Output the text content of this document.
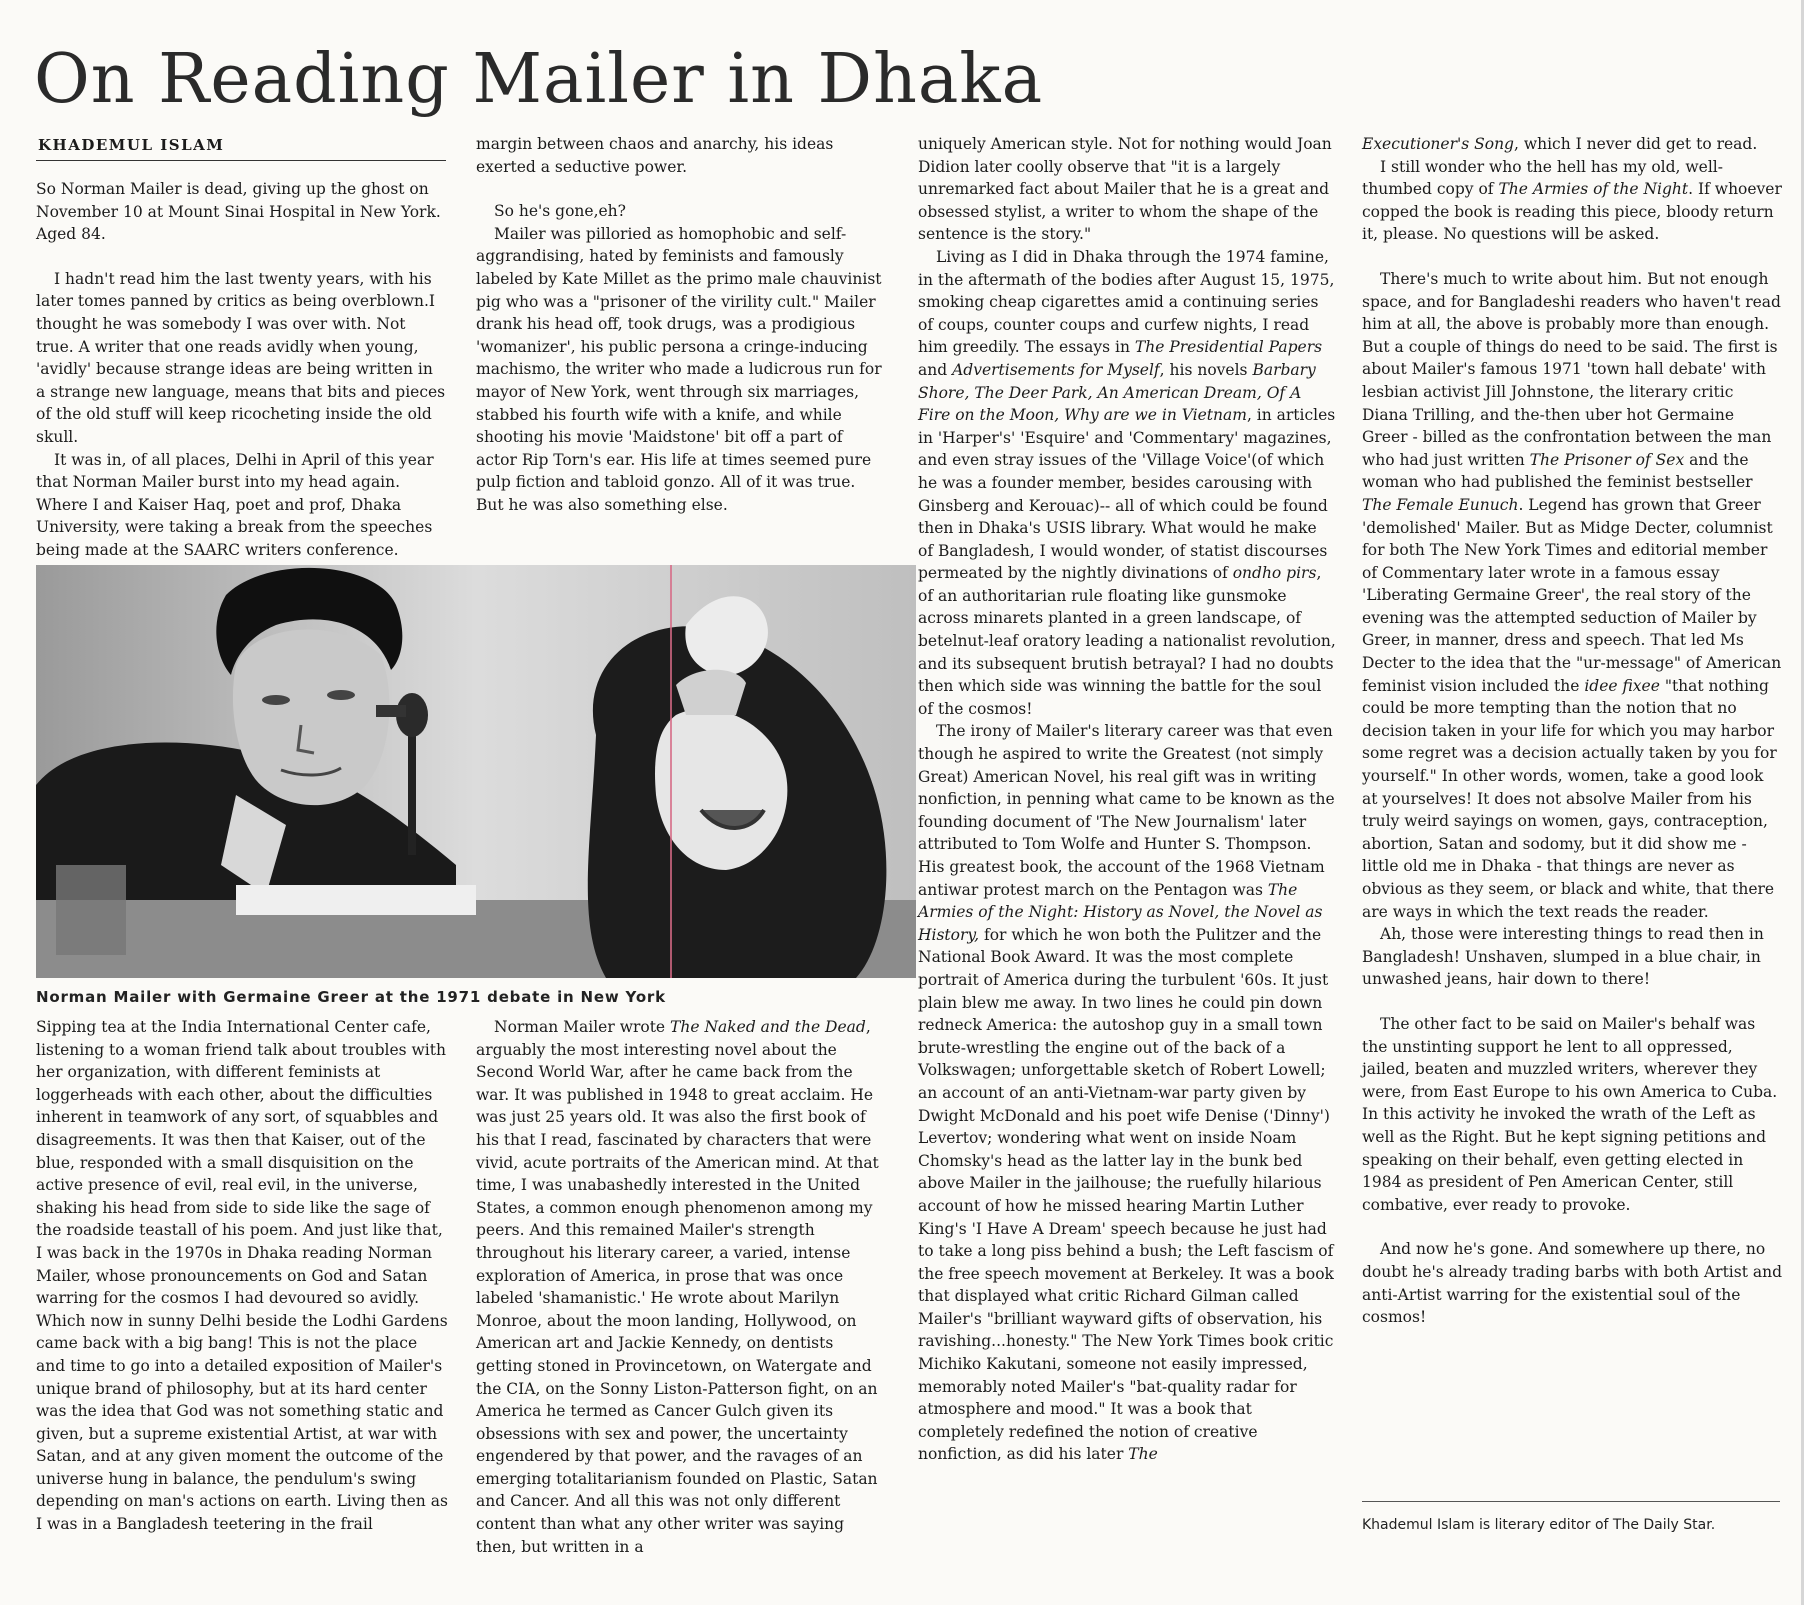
On Reading Mailer in Dhaka
KHADEMUL ISLAM

So Norman Mailer is dead, giving up the ghost on November 10 at Mount Sinai Hospital in New York. Aged 84.

I hadn't read him the last twenty years, with his later tomes panned by critics as being overblown.I thought he was somebody I was over with. Not true. A writer that one reads avidly when young, 'avidly' because strange ideas are being written in a strange new language, means that bits and pieces of the old stuff will keep ricocheting inside the old skull.

It was in, of all places, Delhi in April of this year that Norman Mailer burst into my head again. Where I and Kaiser Haq, poet and prof, Dhaka University, were taking a break from the speeches being made at the SAARC writers conference.

margin between chaos and anarchy, his ideas exerted a seductive power.

So he's gone,eh?

Mailer was pilloried as homophobic and self-aggrandising, hated by feminists and famously labeled by Kate Millet as the primo male chauvinist pig who was a "prisoner of the virility cult." Mailer drank his head off, took drugs, was a prodigious 'womanizer', his public persona a cringe-inducing machismo, the writer who made a ludicrous run for mayor of New York, went through six marriages, stabbed his fourth wife with a knife, and while shooting his movie 'Maidstone' bit off a part of actor Rip Torn's ear. His life at times seemed pure pulp fiction and tabloid gonzo. All of it was true. But he was also something else.

Norman Mailer with Germaine Greer at the 1971 debate in New York

Sipping tea at the India International Center cafe, listening to a woman friend talk about troubles with her organization, with different feminists at loggerheads with each other, about the difficulties inherent in teamwork of any sort, of squabbles and disagreements. It was then that Kaiser, out of the blue, responded with a small disquisition on the active presence of evil, real evil, in the universe, shaking his head from side to side like the sage of the roadside teastall of his poem. And just like that, I was back in the 1970s in Dhaka reading Norman Mailer, whose pronouncements on God and Satan warring for the cosmos I had devoured so avidly. Which now in sunny Delhi beside the Lodhi Gardens came back with a big bang! This is not the place and time to go into a detailed exposition of Mailer's unique brand of philosophy, but at its hard center was the idea that God was not something static and given, but a supreme existential Artist, at war with Satan, and at any given moment the outcome of the universe hung in balance, the pendulum's swing depending on man's actions on earth. Living then as I was in a Bangladesh teetering in the frail

Norman Mailer wrote The Naked and the Dead, arguably the most interesting novel about the Second World War, after he came back from the war. It was published in 1948 to great acclaim. He was just 25 years old. It was also the first book of his that I read, fascinated by characters that were vivid, acute portraits of the American mind. At that time, I was unabashedly interested in the United States, a common enough phenomenon among my peers. And this remained Mailer's strength throughout his literary career, a varied, intense exploration of America, in prose that was once labeled 'shamanistic.' He wrote about Marilyn Monroe, about the moon landing, Hollywood, on American art and Jackie Kennedy, on dentists getting stoned in Provincetown, on Watergate and the CIA, on the Sonny Liston-Patterson fight, on an America he termed as Cancer Gulch given its obsessions with sex and power, the uncertainty engendered by that power, and the ravages of an emerging totalitarianism founded on Plastic, Satan and Cancer. And all this was not only different content than what any other writer was saying then, but written in a

uniquely American style. Not for nothing would Joan Didion later coolly observe that "it is a largely unremarked fact about Mailer that he is a great and obsessed stylist, a writer to whom the shape of the sentence is the story."

Living as I did in Dhaka through the 1974 famine, in the aftermath of the bodies after August 15, 1975, smoking cheap cigarettes amid a continuing series of coups, counter coups and curfew nights, I read him greedily. The essays in The Presidential Papers and Advertisements for Myself, his novels Barbary Shore, The Deer Park, An American Dream, Of A Fire on the Moon, Why are we in Vietnam, in articles in 'Harper's' 'Esquire' and 'Commentary' magazines, and even stray issues of the 'Village Voice'(of which he was a founder member, besides carousing with Ginsberg and Kerouac)-- all of which could be found then in Dhaka's USIS library. What would he make of Bangladesh, I would wonder, of statist discourses permeated by the nightly divinations of ondho pirs, of an authoritarian rule floating like gunsmoke across minarets planted in a green landscape, of betelnut-leaf oratory leading a nationalist revolution, and its subsequent brutish betrayal? I had no doubts then which side was winning the battle for the soul of the cosmos!

The irony of Mailer's literary career was that even though he aspired to write the Greatest (not simply Great) American Novel, his real gift was in writing nonfiction, in penning what came to be known as the founding document of 'The New Journalism' later attributed to Tom Wolfe and Hunter S. Thompson. His greatest book, the account of the 1968 Vietnam antiwar protest march on the Pentagon was The Armies of the Night: History as Novel, the Novel as History, for which he won both the Pulitzer and the National Book Award. It was the most complete portrait of America during the turbulent '60s. It just plain blew me away. In two lines he could pin down redneck America: the autoshop guy in a small town brute-wrestling the engine out of the back of a Volkswagen; unforgettable sketch of Robert Lowell; an account of an anti-Vietnam-war party given by Dwight McDonald and his poet wife Denise ('Dinny') Levertov; wondering what went on inside Noam Chomsky's head as the latter lay in the bunk bed above Mailer in the jailhouse; the ruefully hilarious account of how he missed hearing Martin Luther King's 'I Have A Dream' speech because he just had to take a long piss behind a bush; the Left fascism of the free speech movement at Berkeley. It was a book that displayed what critic Richard Gilman called Mailer's "brilliant wayward gifts of observation, his ravishing...honesty." The New York Times book critic Michiko Kakutani, someone not easily impressed, memorably noted Mailer's "bat-quality radar for atmosphere and mood." It was a book that completely redefined the notion of creative nonfiction, as did his later The

Executioner's Song, which I never did get to read.

I still wonder who the hell has my old, well-thumbed copy of The Armies of the Night. If whoever copped the book is reading this piece, bloody return it, please. No questions will be asked.

There's much to write about him. But not enough space, and for Bangladeshi readers who haven't read him at all, the above is probably more than enough. But a couple of things do need to be said. The first is about Mailer's famous 1971 'town hall debate' with lesbian activist Jill Johnstone, the literary critic Diana Trilling, and the-then uber hot Germaine Greer - billed as the confrontation between the man who had just written The Prisoner of Sex and the woman who had published the feminist bestseller The Female Eunuch. Legend has grown that Greer 'demolished' Mailer. But as Midge Decter, columnist for both The New York Times and editorial member of Commentary later wrote in a famous essay 'Liberating Germaine Greer', the real story of the evening was the attempted seduction of Mailer by Greer, in manner, dress and speech. That led Ms Decter to the idea that the "ur-message" of American feminist vision included the idee fixee "that nothing could be more tempting than the notion that no decision taken in your life for which you may harbor some regret was a decision actually taken by you for yourself." In other words, women, take a good look at yourselves! It does not absolve Mailer from his truly weird sayings on women, gays, contraception, abortion, Satan and sodomy, but it did show me - little old me in Dhaka - that things are never as obvious as they seem, or black and white, that there are ways in which the text reads the reader.

Ah, those were interesting things to read then in Bangladesh! Unshaven, slumped in a blue chair, in unwashed jeans, hair down to there!

The other fact to be said on Mailer's behalf was the unstinting support he lent to all oppressed, jailed, beaten and muzzled writers, wherever they were, from East Europe to his own America to Cuba. In this activity he invoked the wrath of the Left as well as the Right. But he kept signing petitions and speaking on their behalf, even getting elected in 1984 as president of Pen American Center, still combative, ever ready to provoke.

And now he's gone. And somewhere up there, no doubt he's already trading barbs with both Artist and anti-Artist warring for the existential soul of the cosmos!

Khademul Islam is literary editor of The Daily Star.
